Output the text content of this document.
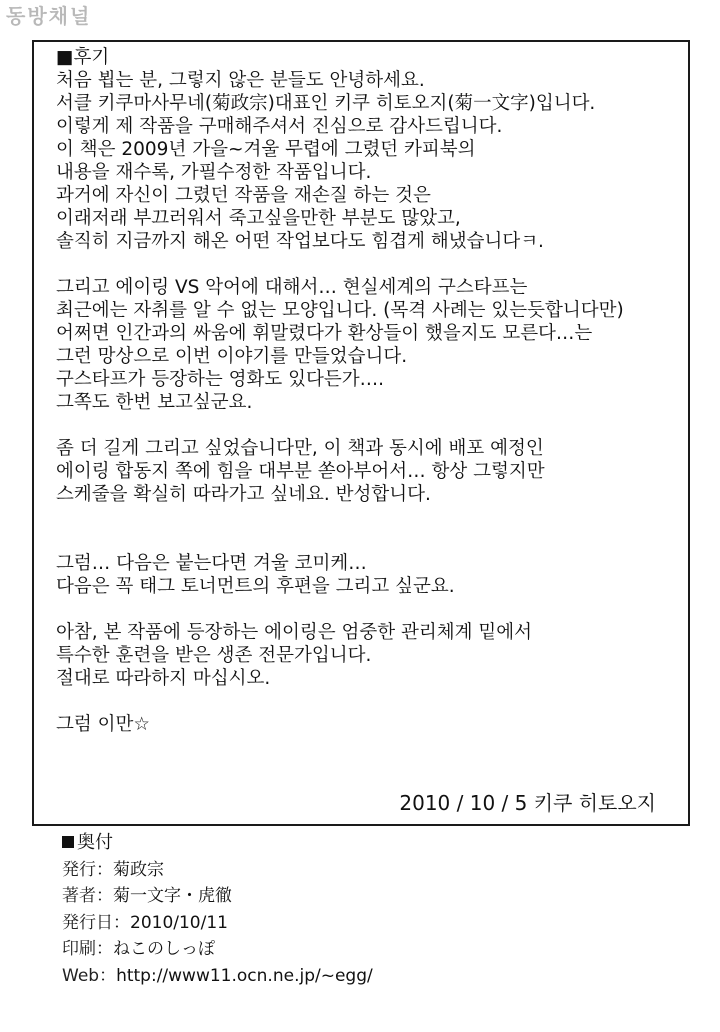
동방채널
■후기
처음 뵙는 분, 그렇지 않은 분들도 안녕하세요.
서클 키쿠마사무네(菊政宗)대표인 키쿠 히토오지(菊一文字)입니다.
이렇게 제 작품을 구매해주셔서 진심으로 감사드립니다.
이 책은 2009년 가을~겨울 무렵에 그렸던 카피북의
내용을 재수록, 가필수정한 작품입니다.
과거에 자신이 그렸던 작품을 재손질 하는 것은
이래저래 부끄러워서 죽고싶을만한 부분도 많았고,
솔직히 지금까지 해온 어떤 작업보다도 힘겹게 해냈습니다ㅋ.
그리고 에이링 VS 악어에 대해서… 현실세계의 구스타프는
최근에는 자취를 알 수 없는 모양입니다. (목격 사례는 있는듯합니다만)
어쩌면 인간과의 싸움에 휘말렸다가 환상들이 했을지도 모른다…는
그런 망상으로 이번 이야기를 만들었습니다.
구스타프가 등장하는 영화도 있다든가….
그쪽도 한번 보고싶군요.
좀 더 길게 그리고 싶었습니다만, 이 책과 동시에 배포 예정인
에이링 합동지 쪽에 힘을 대부분 쏟아부어서… 항상 그렇지만
스케줄을 확실히 따라가고 싶네요. 반성합니다.
그럼… 다음은 붙는다면 겨울 코미케…
다음은 꼭 태그 토너먼트의 후편을 그리고 싶군요.
아참, 본 작품에 등장하는 에이링은 엄중한 관리체계 밑에서
특수한 훈련을 받은 생존 전문가입니다.
절대로 따라하지 마십시오.
그럼 이만☆
2010 / 10 / 5 키쿠 히토오지
奥付
発行：菊政宗
著者：菊一文字・虎徹
発行日：2010/10/11
印刷：ねこのしっぽ
Web：http://www11.ocn.ne.jp/~egg/
